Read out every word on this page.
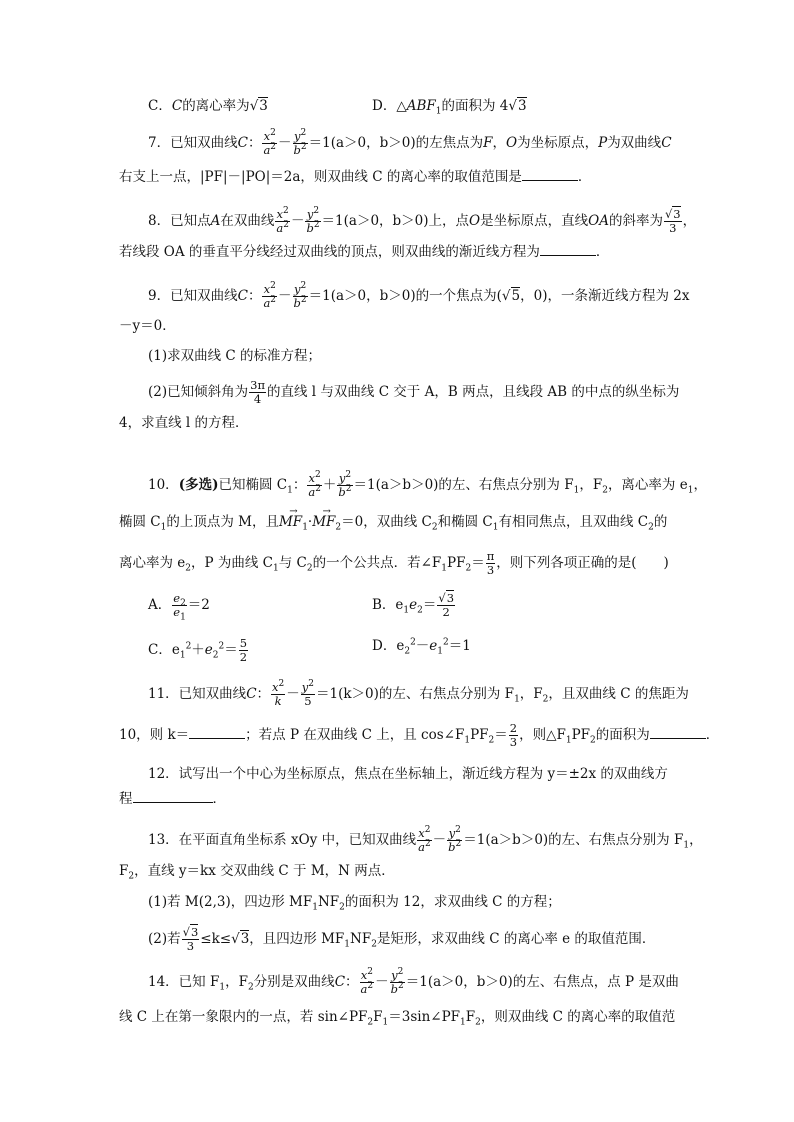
C．C的离心率为√3	D．$\triangle ABF_1$的面积为 4√3
7．已知双曲线C： $\frac{x^2}{a^2} - \frac{y^2}{b^2} =1(a>0$，b＞0)的左焦点为F，O为坐标原点，P为双曲线C
右支上一点，|PF|－|PO|＝2a，则双曲线 C 的离心率的取值范围是	．
8．已知点A在双曲线 $\frac{x^2}{a^2} - \frac{y^2}{b^2} =1(a>0$，b＞0)上，点O是坐标原点，直线OA的斜率为 $\frac{√3}{3}$ ，
若线段 OA 的垂直平分线经过双曲线的顶点，则双曲线的渐近线方程为	．
9．已知双曲线C： $\frac{x^2}{a^2} - \frac{y^2}{b^2} =1(a>0$，b＞0)的一个焦点为(√5，0)，一条渐近线方程为 2x
－y＝0．
(1)求双曲线 C 的标准方程；
(2)已知倾斜角为 $\frac{3\pi}{4}$ 的直线 l 与双曲线 C 交于 A，B 两点，且线段 AB 的中点的纵坐标为
4，求直线 l 的方程．
10．(多选)已知椭圆 $C_1$： $\frac{x^2}{a^2} + \frac{y^2}{b^2} =1(a>b>0)$的左、右焦点分别为 $F_1$，$F_2$，离心率为 $e_1$，
椭圆 $C_1$的上顶点为 M，且→ $MF_1\cdot\to MF_2=0$，双曲线 $C_2$和椭圆 $C_1$有相同焦点，且双曲线 $C_2$的
离心率为 $e_2$，P 为曲线 $C_1$与 $C_2$的一个公共点．若$\angle F_1PF_2= \frac{\pi}{3}$ ，则下列各项正确的是(　　)
A． $\frac{e_2}{e_1} =2$	B．$e_1e_2= \frac{√3}{2}$
C．$e_1^2+e_2^2= \frac{5}{2}$	D．$e_2^2-e_1^2=1$
11．已知双曲线C： $\frac{x^2}{k} - \frac{y^2}{5} =1(k>0)$的左、右焦点分别为 $F_1$，$F_2$，且双曲线 C 的焦距为
10，则 k＝	；若点 P 在双曲线 C 上，且 $\cos\angle F_1PF_2= \frac{2}{3}$ ，则$\triangle F_1PF_2$的面积为	．
12．试写出一个中心为坐标原点，焦点在坐标轴上，渐近线方程为 y＝±2x 的双曲线方
程	．
13．在平面直角坐标系 xOy 中，已知双曲线 $\frac{x^2}{a^2} - \frac{y^2}{b^2} =1(a>b>0)$的左、右焦点分别为 $F_1$，
$F_2$，直线 y＝kx 交双曲线 C 于 M，N 两点．
(1)若 M(2,3)，四边形 $MF_1NF_2$的面积为 12，求双曲线 C 的方程；
(2)若 $\frac{√3}{3} \le k\le√3$，且四边形 $MF_1NF_2$是矩形，求双曲线 C 的离心率 e 的取值范围．
14．已知 $F_1$，$F_2$分别是双曲线C： $\frac{x^2}{a^2} - \frac{y^2}{b^2} =1(a>0$，b＞0)的左、右焦点，点 P 是双曲
线 C 上在第一象限内的一点，若 $\sin\angle PF_2F_1=3\sin\angle PF_1F_2$，则双曲线 C 的离心率的取值范
